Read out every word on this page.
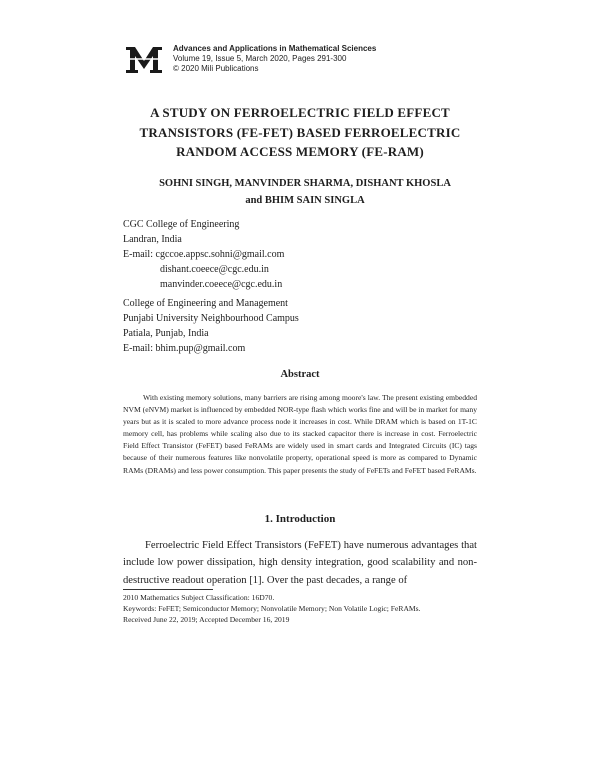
M	Advances and Applications in Mathematical Sciences
Volume 19, Issue 5, March 2020, Pages 291-300
© 2020 Mili Publications
A STUDY ON FERROELECTRIC FIELD EFFECT
TRANSISTORS (FE-FET) BASED FERROELECTRIC
RANDOM ACCESS MEMORY (FE-RAM)
SOHNI SINGH, MANVINDER SHARMA, DISHANT KHOSLA
and BHIM SAIN SINGLA
CGC College of Engineering
Landran, India
E-mail: cgccoe.appsc.sohni@gmail.com
dishant.coeece@cgc.edu.in
manvinder.coeece@cgc.edu.in
College of Engineering and Management
Punjabi University Neighbourhood Campus
Patiala, Punjab, India
E-mail: bhim.pup@gmail.com
Abstract

With existing memory solutions, many barriers are rising among moore's law. The present existing embedded NVM (eNVM) market is influenced by embedded NOR-type flash which works fine and will be in market for many years but as it is scaled to more advance process node it increases in cost. While DRAM which is based on 1T-1C memory cell, has problems while scaling also due to its stacked capacitor there is increase in cost. Ferroelectric Field Effect Transistor (FeFET) based FeRAMs are widely used in smart cards and Integrated Circuits (IC) tags because of their numerous features like nonvolatile property, operational speed is more as compared to Dynamic RAMs (DRAMs) and less power consumption. This paper presents the study of FeFETs and FeFET based FeRAMs.

1. Introduction

Ferroelectric Field Effect Transistors (FeFET) have numerous advantages that include low power dissipation, high density integration, good scalability and non-destructive readout operation [1]. Over the past decades, a range of

2010 Mathematics Subject Classification: 16D70.
Keywords: FeFET; Semiconductor Memory; Nonvolatile Memory; Non Volatile Logic; FeRAMs.
Received June 22, 2019; Accepted December 16, 2019
